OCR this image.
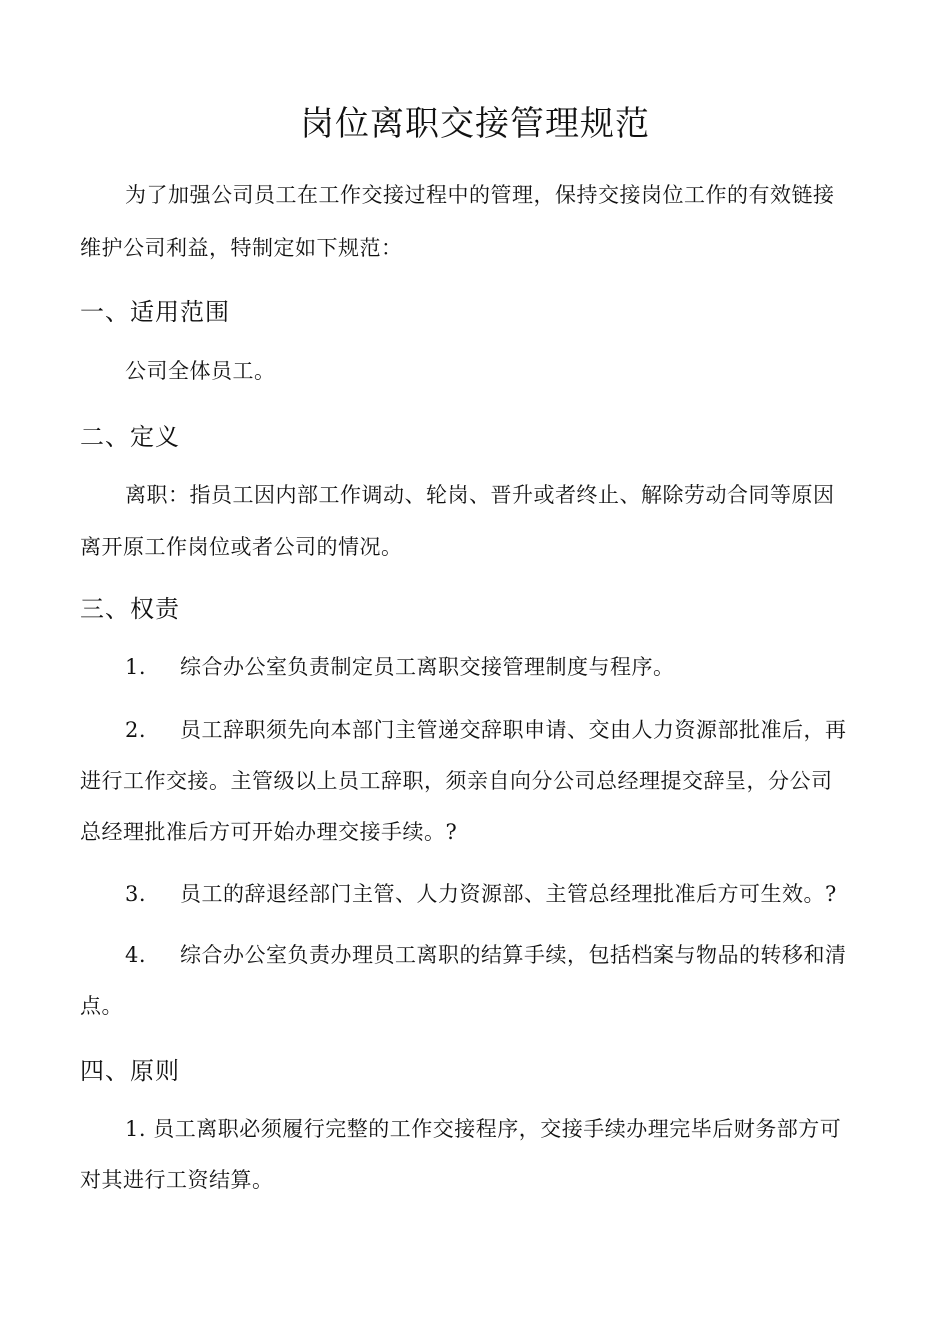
岗位离职交接管理规范
为了加强公司员工在工作交接过程中的管理，保持交接岗位工作的有效链接
维护公司利益，特制定如下规范：
一、适用范围
公司全体员工。
二、定义
离职：指员工因内部工作调动、轮岗、晋升或者终止、解除劳动合同等原因
离开原工作岗位或者公司的情况。
三、权责
1. 综合办公室负责制定员工离职交接管理制度与程序。
2. 员工辞职须先向本部门主管递交辞职申请、交由人力资源部批准后，再
进行工作交接。主管级以上员工辞职，须亲自向分公司总经理提交辞呈，分公司
总经理批准后方可开始办理交接手续。?
3. 员工的辞退经部门主管、人力资源部、主管总经理批准后方可生效。?
4. 综合办公室负责办理员工离职的结算手续，包括档案与物品的转移和清
点。
四、原则
1. 员工离职必须履行完整的工作交接程序，交接手续办理完毕后财务部方可
对其进行工资结算。
